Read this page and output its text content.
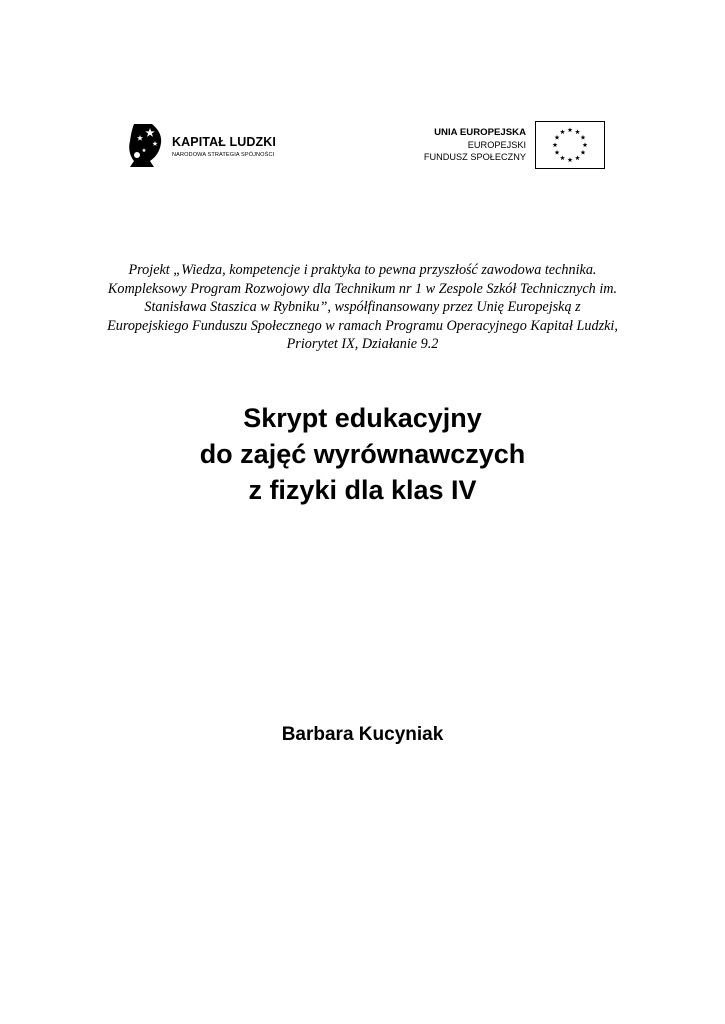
KAPITAŁ LUDZKI
NARODOWA STRATEGIA SPÓJNOŚCI
UNIA EUROPEJSKA
EUROPEJSKI
FUNDUSZ SPOŁECZNY
Projekt „Wiedza, kompetencje i praktyka to pewna przyszłość zawodowa technika.
Kompleksowy Program Rozwojowy dla Technikum nr 1 w Zespole Szkół Technicznych im.
Stanisława Staszica w Rybniku”, współfinansowany przez Unię Europejską z
Europejskiego Funduszu Społecznego w ramach Programu Operacyjnego Kapitał Ludzki,
Priorytet IX, Działanie 9.2
Skrypt edukacyjny
do zajęć wyrównawczych
z fizyki dla klas IV
Barbara Kucyniak
